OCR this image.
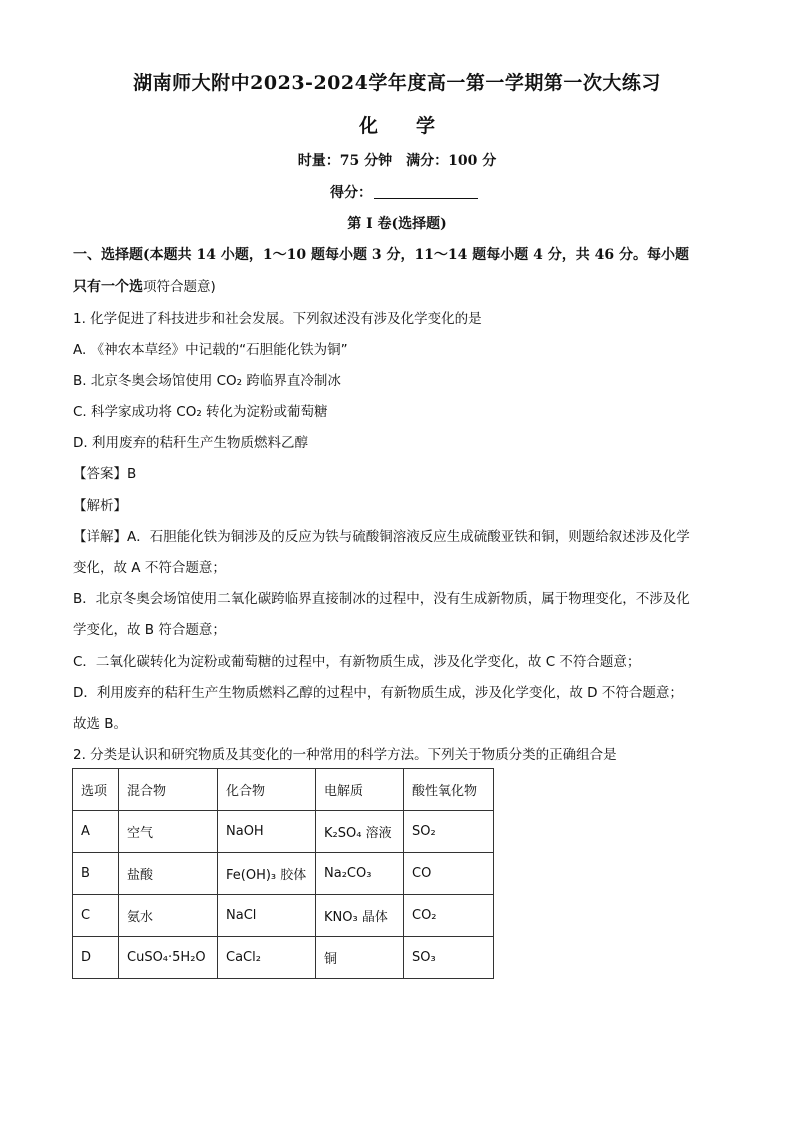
湖南师大附中2023-2024学年度高一第一学期第一次大练习
化学
时量：75 分钟　满分：100 分
得分：
第 I 卷(选择题)
一、选择题(本题共 14 小题，1～10 题每小题 3 分，11～14 题每小题 4 分，共 46 分。每小题
只有一个选项符合题意)
1. 化学促进了科技进步和社会发展。下列叙述没有涉及化学变化的是
A. 《神农本草经》中记载的“石胆能化铁为铜”
B. 北京冬奥会场馆使用 CO₂ 跨临界直冷制冰
C. 科学家成功将 CO₂ 转化为淀粉或葡萄糖
D. 利用废弃的秸秆生产生物质燃料乙醇
【答案】B
【解析】
【详解】A．石胆能化铁为铜涉及的反应为铁与硫酸铜溶液反应生成硫酸亚铁和铜，则题给叙述涉及化学
变化，故 A 不符合题意；
B．北京冬奥会场馆使用二氧化碳跨临界直接制冰的过程中，没有生成新物质，属于物理变化，不涉及化
学变化，故 B 符合题意；
C．二氧化碳转化为淀粉或葡萄糖的过程中，有新物质生成，涉及化学变化，故 C 不符合题意；
D．利用废弃的秸秆生产生物质燃料乙醇的过程中，有新物质生成，涉及化学变化，故 D 不符合题意；
故选 B。
2. 分类是认识和研究物质及其变化的一种常用的科学方法。下列关于物质分类的正确组合是
选项	混合物	化合物	电解质	酸性氧化物
A	空气	NaOH	K₂SO₄ 溶液	SO₂
B	盐酸	Fe(OH)₃ 胶体	Na₂CO₃	CO
C	氨水	NaCl	KNO₃ 晶体	CO₂
D	CuSO₄·5H₂O	CaCl₂	铜	SO₃
